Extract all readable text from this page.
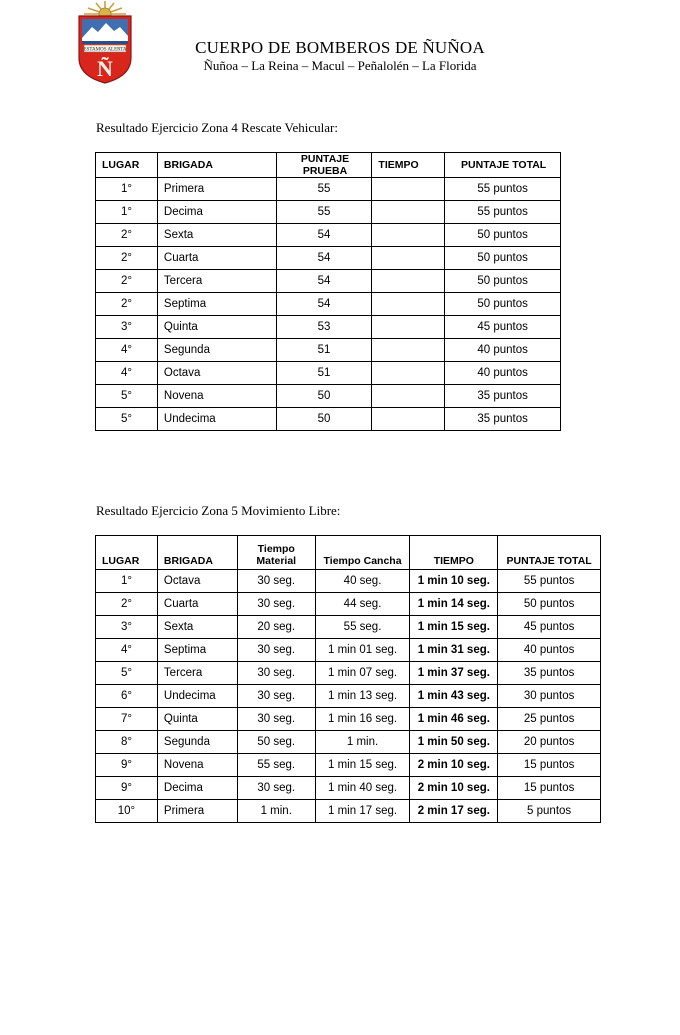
ESTAMOS ALERTA
Ñ
CUERPO DE BOMBEROS DE ÑUÑOA
Ñuñoa – La Reina – Macul – Peñalolén – La Florida
Resultado Ejercicio Zona 4 Rescate Vehicular:
LUGAR	BRIGADA	PUNTAJE PRUEBA	TIEMPO	PUNTAJE TOTAL
1°	Primera	55		55 puntos
1°	Decima	55		55 puntos
2°	Sexta	54		50 puntos
2°	Cuarta	54		50 puntos
2°	Tercera	54		50 puntos
2°	Septima	54		50 puntos
3°	Quinta	53		45 puntos
4°	Segunda	51		40 puntos
4°	Octava	51		40 puntos
5°	Novena	50		35 puntos
5°	Undecima	50		35 puntos
Resultado Ejercicio Zona 5 Movimiento Libre:
LUGAR	BRIGADA	Tiempo Material	Tiempo Cancha	TIEMPO	PUNTAJE TOTAL
1°	Octava	30 seg.	40 seg.	1 min 10 seg.	55 puntos
2°	Cuarta	30 seg.	44 seg.	1 min 14 seg.	50 puntos
3°	Sexta	20 seg.	55 seg.	1 min 15 seg.	45 puntos
4°	Septima	30 seg.	1 min 01 seg.	1 min 31 seg.	40 puntos
5°	Tercera	30 seg.	1 min 07 seg.	1 min 37 seg.	35 puntos
6°	Undecima	30 seg.	1 min 13 seg.	1 min 43 seg.	30 puntos
7°	Quinta	30 seg.	1 min 16 seg.	1 min 46 seg.	25 puntos
8°	Segunda	50 seg.	1 min.	1 min 50 seg.	20 puntos
9°	Novena	55 seg.	1 min 15 seg.	2 min 10 seg.	15 puntos
9°	Decima	30 seg.	1 min 40 seg.	2 min 10 seg.	15 puntos
10°	Primera	1 min.	1 min 17 seg.	2 min 17 seg.	5 puntos
